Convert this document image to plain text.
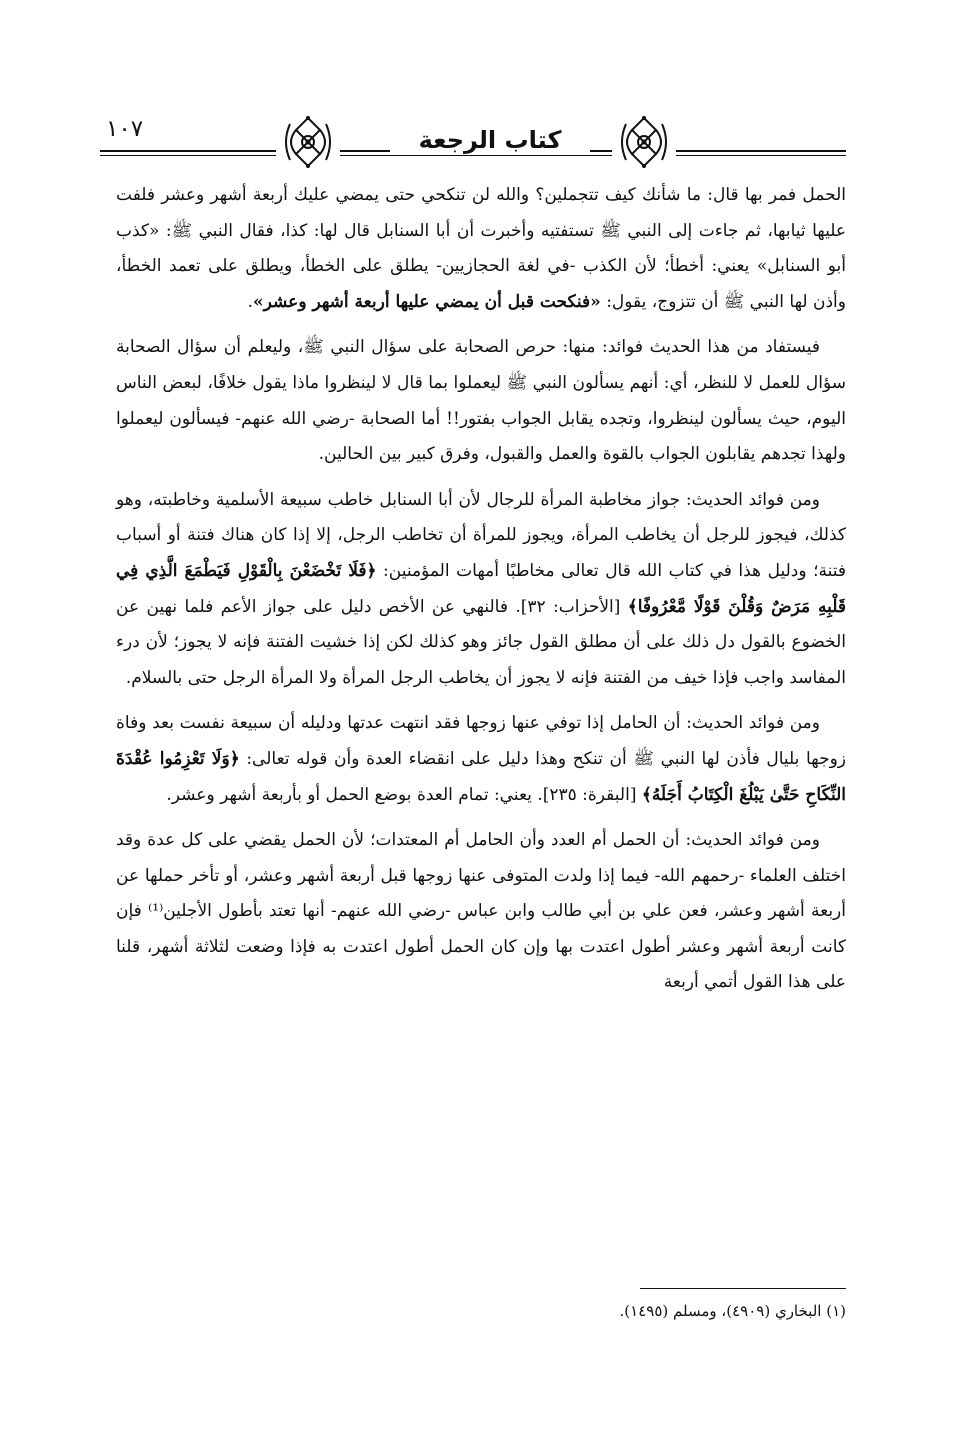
١٠٧	كتاب الرجعة

الحمل فمر بها قال: ما شأنك كيف تتجملين؟ والله لن تنكحي حتى يمضي عليك أربعة أشهر وعشر فلفت عليها ثيابها، ثم جاءت إلى النبي ﷺ تستفتيه وأخبرت أن أبا السنابل قال لها: كذا، فقال النبي ﷺ: «كذب أبو السنابل» يعني: أخطأ؛ لأن الكذب -في لغة الحجازيين- يطلق على الخطأ، ويطلق على تعمد الخطأ، وأذن لها النبي ﷺ أن تتزوج، يقول: «فنكحت قبل أن يمضي عليها أربعة أشهر وعشر».

فيستفاد من هذا الحديث فوائد: منها: حرص الصحابة على سؤال النبي ﷺ، وليعلم أن سؤال الصحابة سؤال للعمل لا للنظر، أي: أنهم يسألون النبي ﷺ ليعملوا بما قال لا لينظروا ماذا يقول خلافًا، لبعض الناس اليوم، حيث يسألون لينظروا، وتجده يقابل الجواب بفتور!! أما الصحابة -رضي الله عنهم- فيسألون ليعملوا ولهذا تجدهم يقابلون الجواب بالقوة والعمل والقبول، وفرق كبير بين الحالين.

ومن فوائد الحديث: جواز مخاطبة المرأة للرجال لأن أبا السنابل خاطب سبيعة الأسلمية وخاطبته، وهو كذلك، فيجوز للرجل أن يخاطب المرأة، ويجوز للمرأة أن تخاطب الرجل، إلا إذا كان هناك فتنة أو أسباب فتنة؛ ودليل هذا في كتاب الله قال تعالى مخاطبًا أمهات المؤمنين: ﴿فَلَا تَخْضَعْنَ بِالْقَوْلِ فَيَطْمَعَ الَّذِي فِي قَلْبِهِ مَرَضٌ وَقُلْنَ قَوْلًا مَّعْرُوفًا﴾ [الأحزاب: ٣٢]. فالنهي عن الأخص دليل على جواز الأعم فلما نهين عن الخضوع بالقول دل ذلك على أن مطلق القول جائز وهو كذلك لكن إذا خشيت الفتنة فإنه لا يجوز؛ لأن درء المفاسد واجب فإذا خيف من الفتنة فإنه لا يجوز أن يخاطب الرجل المرأة ولا المرأة الرجل حتى بالسلام.

ومن فوائد الحديث: أن الحامل إذا توفي عنها زوجها فقد انتهت عدتها ودليله أن سبيعة نفست بعد وفاة زوجها بليال فأذن لها النبي ﷺ أن تنكح وهذا دليل على انقضاء العدة وأن قوله تعالى: ﴿وَلَا تَعْزِمُوا عُقْدَةَ النِّكَاحِ حَتَّىٰ يَبْلُغَ الْكِتَابُ أَجَلَهُ﴾ [البقرة: ٢٣٥]. يعني: تمام العدة بوضع الحمل أو بأربعة أشهر وعشر.

ومن فوائد الحديث: أن الحمل أم العدد وأن الحامل أم المعتدات؛ لأن الحمل يقضي على كل عدة وقد اختلف العلماء -رحمهم الله- فيما إذا ولدت المتوفى عنها زوجها قبل أربعة أشهر وعشر، أو تأخر حملها عن أربعة أشهر وعشر، فعن علي بن أبي طالب وابن عباس -رضي الله عنهم- أنها تعتد بأطول الأجلين⁽¹⁾ فإن كانت أربعة أشهر وعشر أطول اعتدت بها وإن كان الحمل أطول اعتدت به فإذا وضعت لثلاثة أشهر، قلنا على هذا القول أتمي أربعة

(١) البخاري (٤٩٠٩)، ومسلم (١٤٩٥).
